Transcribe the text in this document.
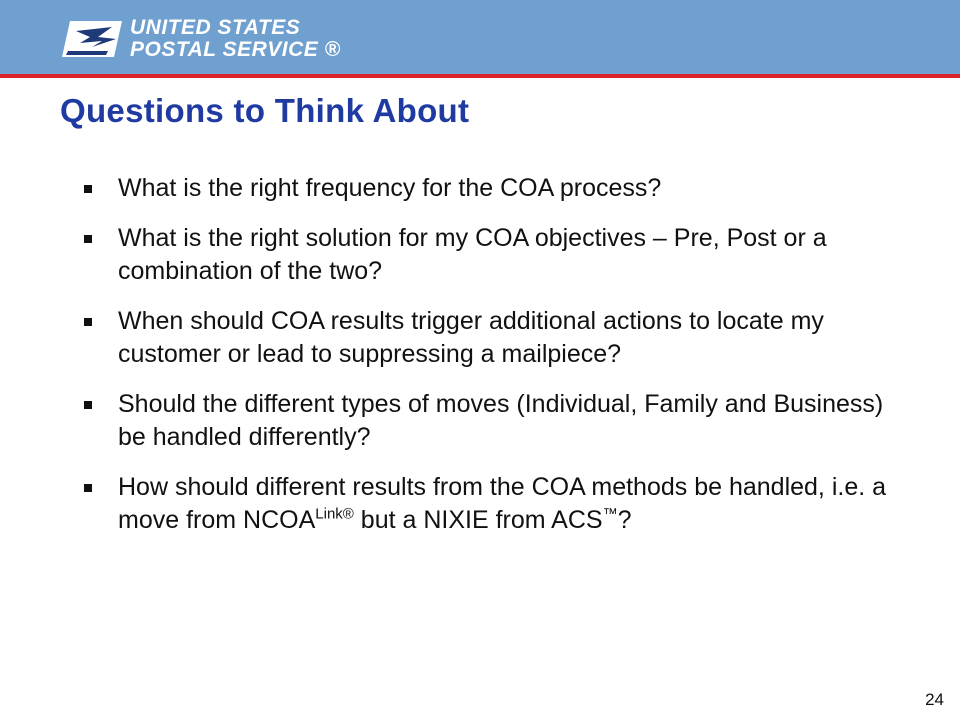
UNITED STATES
POSTAL SERVICE ®
Questions to Think About
What is the right frequency for the COA process?
What is the right solution for my COA objectives – Pre, Post or a combination of the two?
When should COA results trigger additional actions to locate my customer or lead to suppressing a mailpiece?
Should the different types of moves (Individual, Family and Business) be handled differently?
How should different results from the COA methods be handled, i.e. a move from $NCOA^{Link®}$ but a NIXIE from ACS™?
24
